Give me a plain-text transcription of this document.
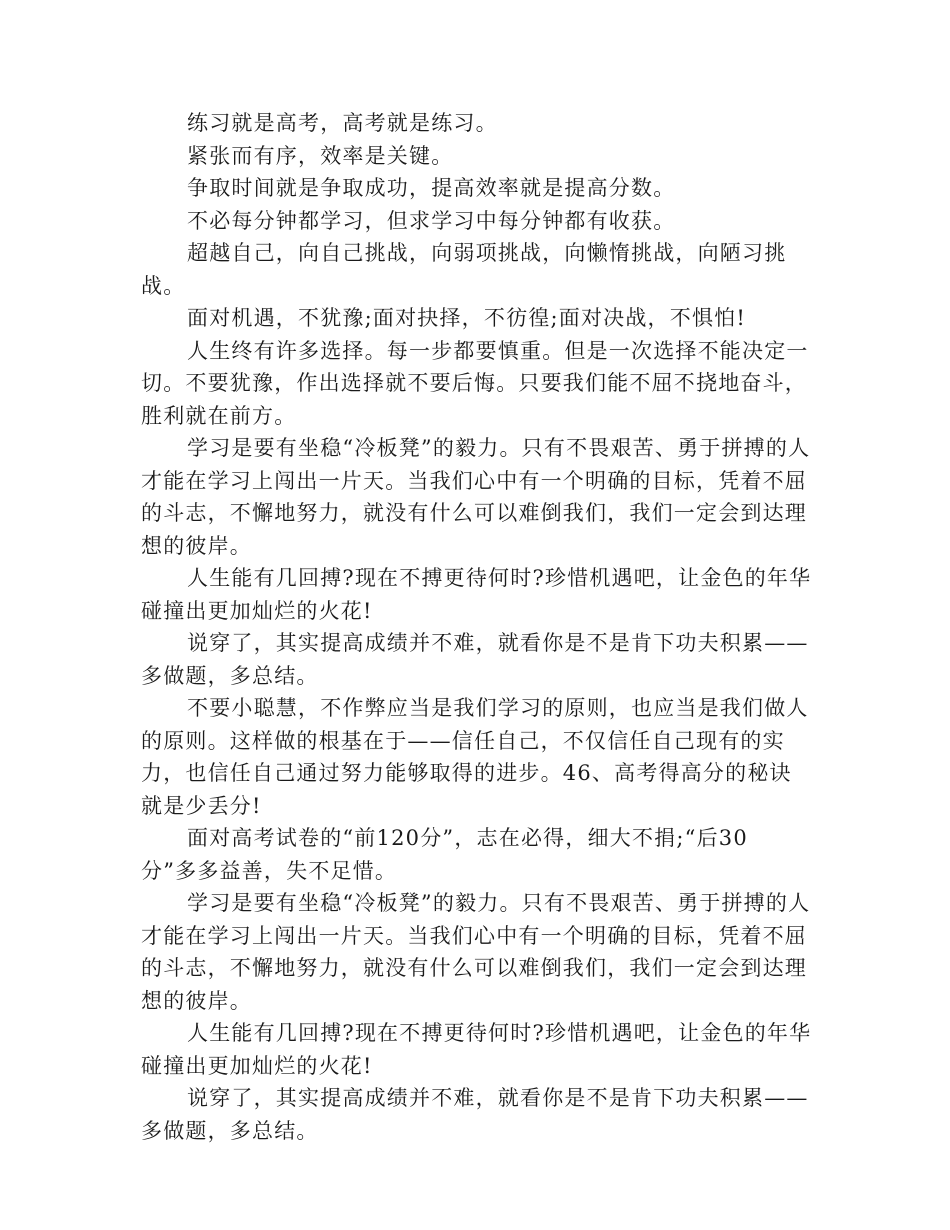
练习就是高考，高考就是练习。

紧张而有序，效率是关键。

争取时间就是争取成功，提高效率就是提高分数。

不必每分钟都学习，但求学习中每分钟都有收获。

超越自己，向自己挑战，向弱项挑战，向懒惰挑战，向陋习挑战。

面对机遇，不犹豫;面对抉择，不彷徨;面对决战，不惧怕!

人生终有许多选择。每一步都要慎重。但是一次选择不能决定一切。不要犹豫，作出选择就不要后悔。只要我们能不屈不挠地奋斗，
胜利就在前方。

学习是要有坐稳“冷板凳”的毅力。只有不畏艰苦、勇于拼搏的人才能在学习上闯出一片天。当我们心中有一个明确的目标，凭着不屈的斗志，不懈地努力，就没有什么可以难倒我们，我们一定会到达理想的彼岸。

人生能有几回搏?现在不搏更待何时?珍惜机遇吧，让金色的年华碰撞出更加灿烂的火花!

说穿了，其实提高成绩并不难，就看你是不是肯下功夫积累——多做题，多总结。

不要小聪慧，不作弊应当是我们学习的原则，也应当是我们做人的原则。这样做的根基在于——信任自己，不仅信任自己现有的实力，也信任自己通过努力能够取得的进步。46、高考得高分的秘诀就是少丢分!

面对高考试卷的“前120分”，志在必得，细大不捐;“后30
分”多多益善，失不足惜。

学习是要有坐稳“冷板凳”的毅力。只有不畏艰苦、勇于拼搏的人才能在学习上闯出一片天。当我们心中有一个明确的目标，凭着不屈的斗志，不懈地努力，就没有什么可以难倒我们，我们一定会到达理想的彼岸。

人生能有几回搏?现在不搏更待何时?珍惜机遇吧，让金色的年华碰撞出更加灿烂的火花!

说穿了，其实提高成绩并不难，就看你是不是肯下功夫积累——多做题，多总结。
